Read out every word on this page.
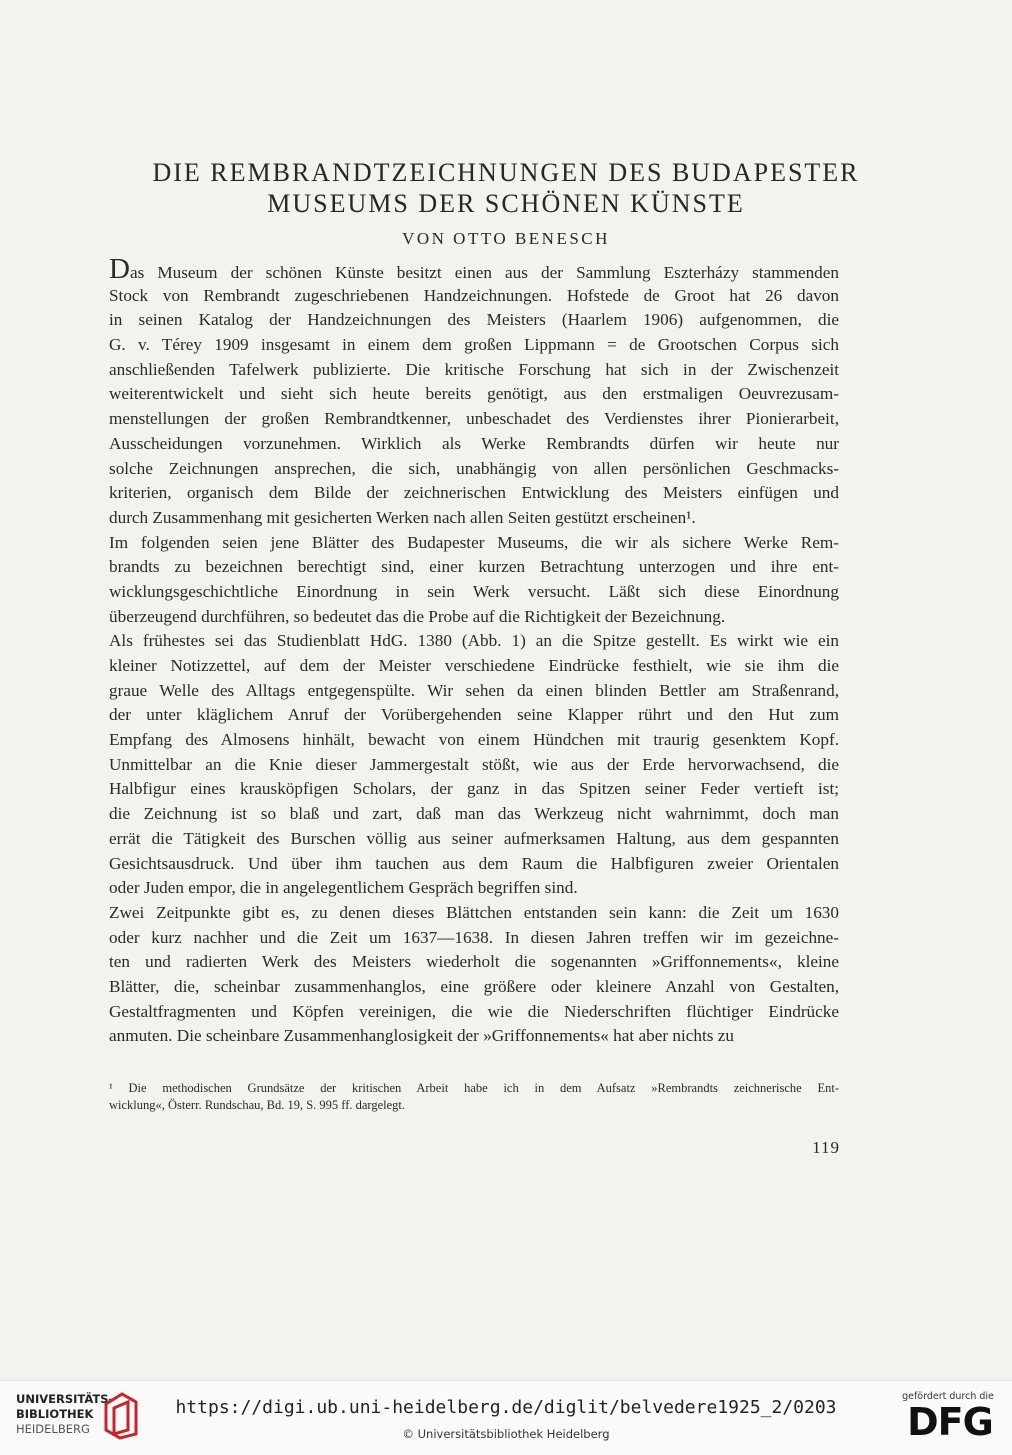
DIE REMBRANDTZEICHNUNGEN DES BUDAPESTER
MUSEUMS DER SCHÖNEN KÜNSTE
VON OTTO BENESCH
Das Museum der schönen Künste besitzt einen aus der Sammlung Eszterházy stammenden
Stock von Rembrandt zugeschriebenen Handzeichnungen. Hofstede de Groot hat 26 davon
in seinen Katalog der Handzeichnungen des Meisters (Haarlem 1906) aufgenommen, die
G. v. Térey 1909 insgesamt in einem dem großen Lippmann = de Grootschen Corpus sich
anschließenden Tafelwerk publizierte. Die kritische Forschung hat sich in der Zwischenzeit
weiterentwickelt und sieht sich heute bereits genötigt, aus den erstmaligen Oeuvrezusam-
menstellungen der großen Rembrandtkenner, unbeschadet des Verdienstes ihrer Pionierarbeit,
Ausscheidungen vorzunehmen. Wirklich als Werke Rembrandts dürfen wir heute nur
solche Zeichnungen ansprechen, die sich, unabhängig von allen persönlichen Geschmacks-
kriterien, organisch dem Bilde der zeichnerischen Entwicklung des Meisters einfügen und
durch Zusammenhang mit gesicherten Werken nach allen Seiten gestützt erscheinen¹.
Im folgenden seien jene Blätter des Budapester Museums, die wir als sichere Werke Rem-
brandts zu bezeichnen berechtigt sind, einer kurzen Betrachtung unterzogen und ihre ent-
wicklungsgeschichtliche Einordnung in sein Werk versucht. Läßt sich diese Einordnung
überzeugend durchführen, so bedeutet das die Probe auf die Richtigkeit der Bezeichnung.
Als frühestes sei das Studienblatt HdG. 1380 (Abb. 1) an die Spitze gestellt. Es wirkt wie ein
kleiner Notizzettel, auf dem der Meister verschiedene Eindrücke festhielt, wie sie ihm die
graue Welle des Alltags entgegenspülte. Wir sehen da einen blinden Bettler am Straßenrand,
der unter kläglichem Anruf der Vorübergehenden seine Klapper rührt und den Hut zum
Empfang des Almosens hinhält, bewacht von einem Hündchen mit traurig gesenktem Kopf.
Unmittelbar an die Knie dieser Jammergestalt stößt, wie aus der Erde hervorwachsend, die
Halbfigur eines krausköpfigen Scholars, der ganz in das Spitzen seiner Feder vertieft ist;
die Zeichnung ist so blaß und zart, daß man das Werkzeug nicht wahrnimmt, doch man
errät die Tätigkeit des Burschen völlig aus seiner aufmerksamen Haltung, aus dem gespannten
Gesichtsausdruck. Und über ihm tauchen aus dem Raum die Halbfiguren zweier Orientalen
oder Juden empor, die in angelegentlichem Gespräch begriffen sind.
Zwei Zeitpunkte gibt es, zu denen dieses Blättchen entstanden sein kann: die Zeit um 1630
oder kurz nachher und die Zeit um 1637—1638. In diesen Jahren treffen wir im gezeichne-
ten und radierten Werk des Meisters wiederholt die sogenannten »Griffonnements«, kleine
Blätter, die, scheinbar zusammenhanglos, eine größere oder kleinere Anzahl von Gestalten,
Gestaltfragmenten und Köpfen vereinigen, die wie die Niederschriften flüchtiger Eindrücke
anmuten. Die scheinbare Zusammenhanglosigkeit der »Griffonnements« hat aber nichts zu
¹ Die methodischen Grundsätze der kritischen Arbeit habe ich in dem Aufsatz »Rembrandts zeichnerische Ent-
wicklung«, Österr. Rundschau, Bd. 19, S. 995 ff. dargelegt.
119
UNIVERSITÄTS-
BIBLIOTHEK
HEIDELBERG
https://digi.ub.uni-heidelberg.de/diglit/belvedere1925_2/0203
© Universitätsbibliothek Heidelberg
gefördert durch die
DFG
